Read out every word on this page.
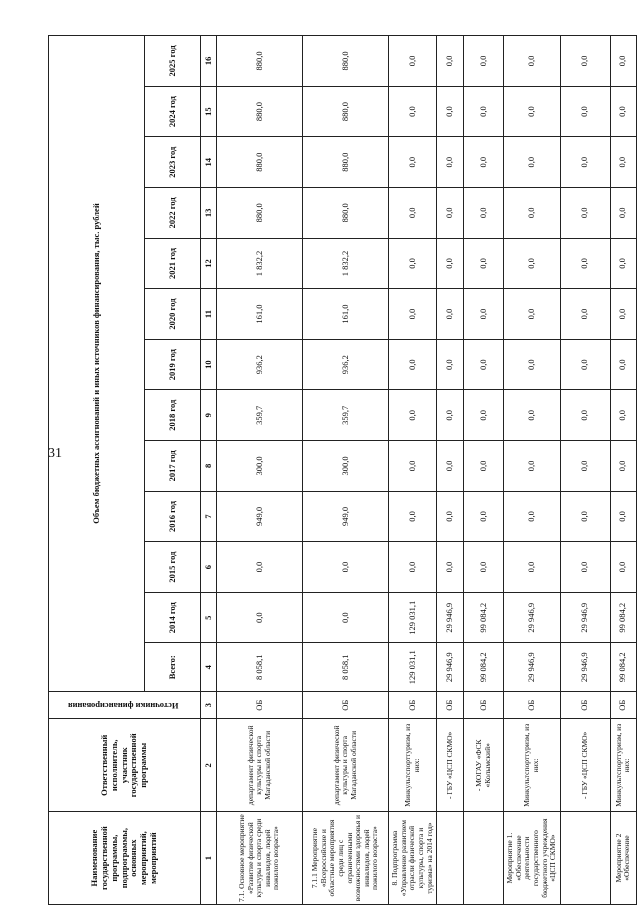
31
Наименование государственной программы, подпрограммы, основных мероприятий, мероприятий	Ответственный исполнитель, участник государственной программы	Источники финансирования	Объем бюджетных ассигнований и иных источников финансирования, тыс. рублей												
			Всего:	2014 год	2015 год	2016 год	2017 год	2018 год	2019 год	2020 год	2021 год	2022 год	2023 год	2024 год	2025 год
1	2	3	4	5	6	7	8	9	10	11	12	13	14	15	16
7.1. Основное мероприятие «Развитие физической культуры и спорта среди инвалидов, людей пожилого возраста»	департамент физической культуры и спорта Магаданской области	ОБ	8 058,1	0,0	0,0	949,0	300,0	359,7	936,2	161,0	1 832,2	880,0	880,0	880,0	880,0
7.1.1 Мероприятие «Всероссийские и областные мероприятия среди лиц с ограниченными возможностями здоровья и инвалидов, людей пожилого возраста»	департамент физической культуры и спорта Магаданской области	ОБ	8 058,1	0,0	0,0	949,0	300,0	359,7	936,2	161,0	1 832,2	880,0	880,0	880,0	880,0
8. Подпрограмма «Управление развитием отрасли физической культуры, спорта и туризма» на 2014 год»	Минкультспорттуризм, из них:	ОБ	129 031,1	129 031,1	0,0	0,0	0,0	0,0	0,0	0,0	0,0	0,0	0,0	0,0	0,0
	- ГБУ «ЦСП СКМО»	ОБ	29 946,9	29 946,9	0,0	0,0	0,0	0,0	0,0	0,0	0,0	0,0	0,0	0,0	0,0
	- МОГАУ «ФСК «Колымский»	ОБ	99 084,2	99 084,2	0,0	0,0	0,0	0,0	0,0	0,0	0,0	0,0	0,0	0,0	0,0
Мероприятие 1. «Обеспечение деятельности государственного бюджетного учреждения «ЦСП СКМО»	Минкультспорттуризм, из них:	ОБ	29 946,9	29 946,9	0,0	0,0	0,0	0,0	0,0	0,0	0,0	0,0	0,0	0,0	0,0
	- ГБУ «ЦСП СКМО»	ОБ	29 946,9	29 946,9	0,0	0,0	0,0	0,0	0,0	0,0	0,0	0,0	0,0	0,0	0,0
Мероприятие 2 «Обеспечение	Минкультспорттуризм, из них:	ОБ	99 084,2	99 084,2	0,0	0,0	0,0	0,0	0,0	0,0	0,0	0,0	0,0	0,0	0,0
